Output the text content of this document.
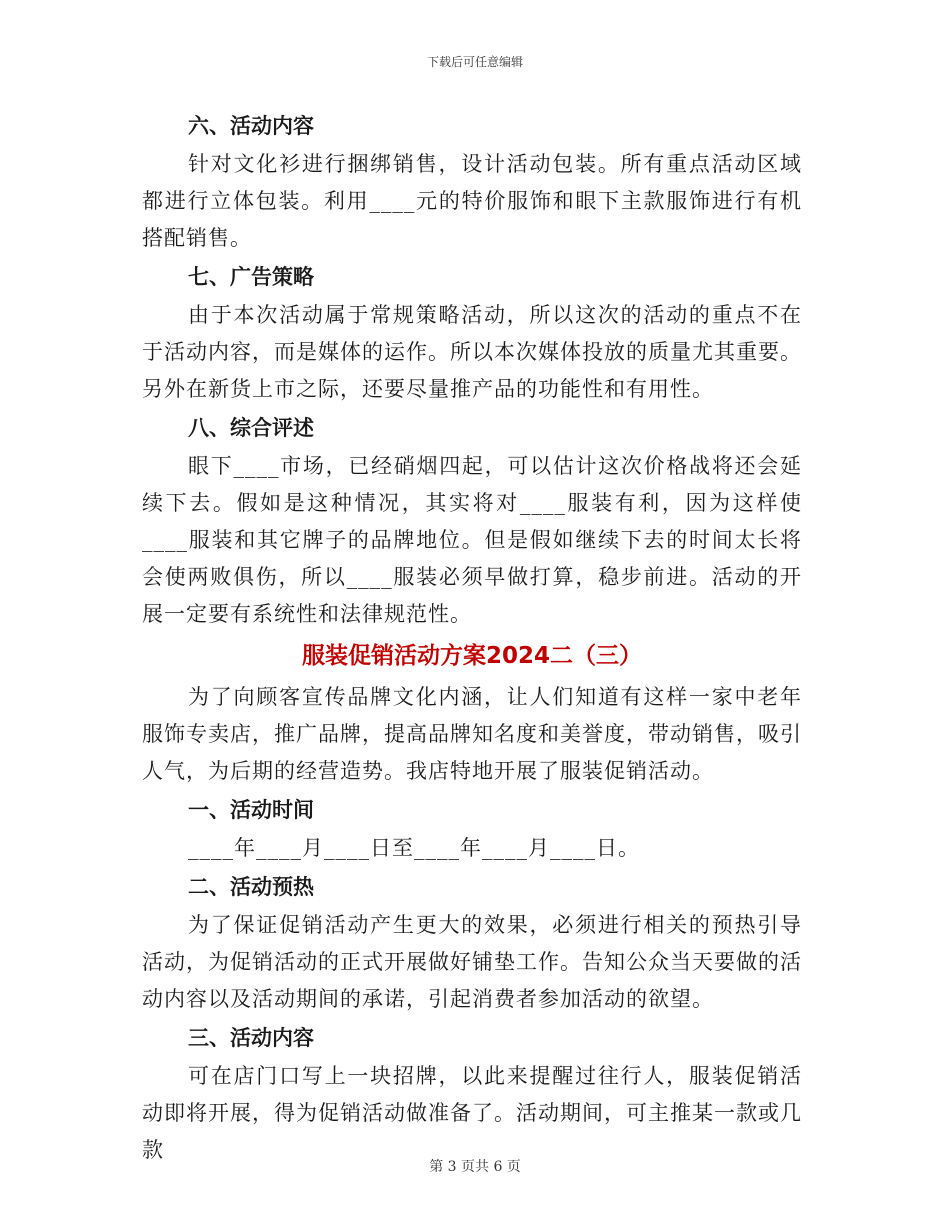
下载后可任意编辑
六、活动内容
针对文化衫进行捆绑销售，设计活动包装。所有重点活动区域都进行立体包装。利用____元的特价服饰和眼下主款服饰进行有机搭配销售。
七、广告策略
由于本次活动属于常规策略活动，所以这次的活动的重点不在于活动内容，而是媒体的运作。所以本次媒体投放的质量尤其重要。另外在新货上市之际，还要尽量推产品的功能性和有用性。
八、综合评述
眼下____市场，已经硝烟四起，可以估计这次价格战将还会延续下去。假如是这种情况，其实将对____服装有利，因为这样使____服装和其它牌子的品牌地位。但是假如继续下去的时间太长将会使两败俱伤，所以____服装必须早做打算，稳步前进。活动的开展一定要有系统性和法律规范性。
服装促销活动方案2024二（三）
为了向顾客宣传品牌文化内涵，让人们知道有这样一家中老年服饰专卖店，推广品牌，提高品牌知名度和美誉度，带动销售，吸引人气，为后期的经营造势。我店特地开展了服装促销活动。
一、活动时间
____年____月____日至____年____月____日。
二、活动预热
为了保证促销活动产生更大的效果，必须进行相关的预热引导活动，为促销活动的正式开展做好铺垫工作。告知公众当天要做的活动内容以及活动期间的承诺，引起消费者参加活动的欲望。
三、活动内容
可在店门口写上一块招牌，以此来提醒过往行人，服装促销活动即将开展，得为促销活动做准备了。活动期间，可主推某一款或几款
第 3 页共 6 页
